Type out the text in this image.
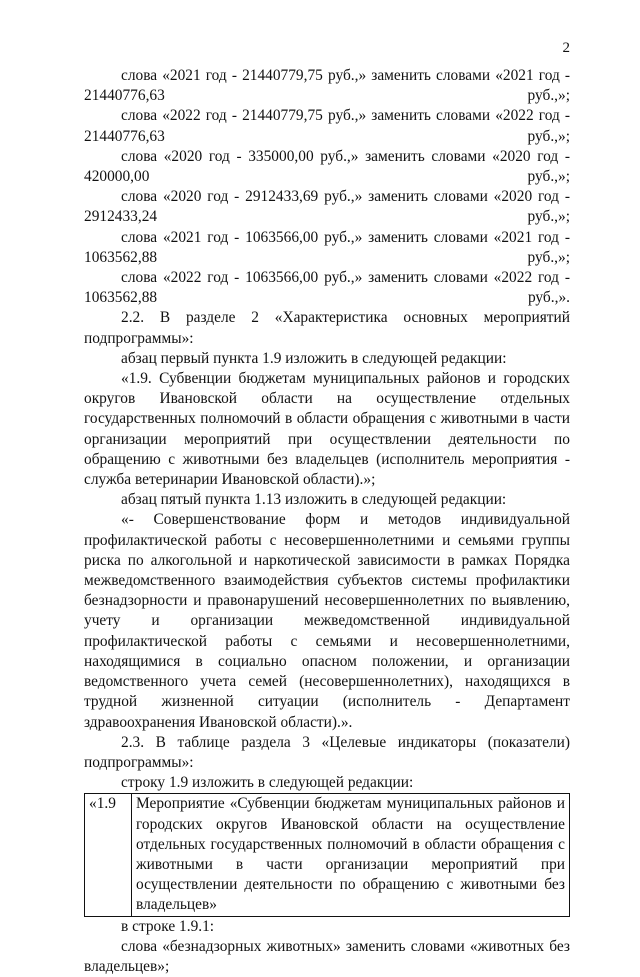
2

слова «2021 год - 21440779,75 руб.,» заменить словами «2021 год - 21440776,63 руб.,»;

слова «2022 год - 21440779,75 руб.,» заменить словами «2022 год - 21440776,63 руб.,»;

слова «2020 год - 335000,00 руб.,» заменить словами «2020 год - 420000,00 руб.,»;

слова «2020 год - 2912433,69 руб.,» заменить словами «2020 год - 2912433,24 руб.,»;

слова «2021 год - 1063566,00 руб.,» заменить словами «2021 год - 1063562,88 руб.,»;

слова «2022 год - 1063566,00 руб.,» заменить словами «2022 год - 1063562,88 руб.,».

2.2. В разделе 2 «Характеристика основных мероприятий подпрограммы»:

абзац первый пункта 1.9 изложить в следующей редакции:

«1.9. Субвенции бюджетам муниципальных районов и городских округов Ивановской области на осуществление отдельных государственных полномочий в области обращения с животными в части организации мероприятий при осуществлении деятельности по обращению с животными без владельцев (исполнитель мероприятия - служба ветеринарии Ивановской области).»;

абзац пятый пункта 1.13 изложить в следующей редакции:

«- Совершенствование форм и методов индивидуальной профилактической работы с несовершеннолетними и семьями группы риска по алкогольной и наркотической зависимости в рамках Порядка межведомственного взаимодействия субъектов системы профилактики безнадзорности и правонарушений несовершеннолетних по выявлению, учету и организации межведомственной индивидуальной профилактической работы с семьями и несовершеннолетними, находящимися в социально опасном положении, и организации ведомственного учета семей (несовершеннолетних), находящихся в трудной жизненной ситуации (исполнитель - Департамент здравоохранения Ивановской области).».

2.3. В таблице раздела 3 «Целевые индикаторы (показатели) подпрограммы»:

строку 1.9 изложить в следующей редакции:

«1.9	Мероприятие «Субвенции бюджетам муниципальных районов и городских округов Ивановской области на осуществление отдельных государственных полномочий в области обращения с животными в части организации мероприятий при осуществлении деятельности по обращению с животными без владельцев»

в строке 1.9.1:

слова «безнадзорных животных» заменить словами «животных без владельцев»;
